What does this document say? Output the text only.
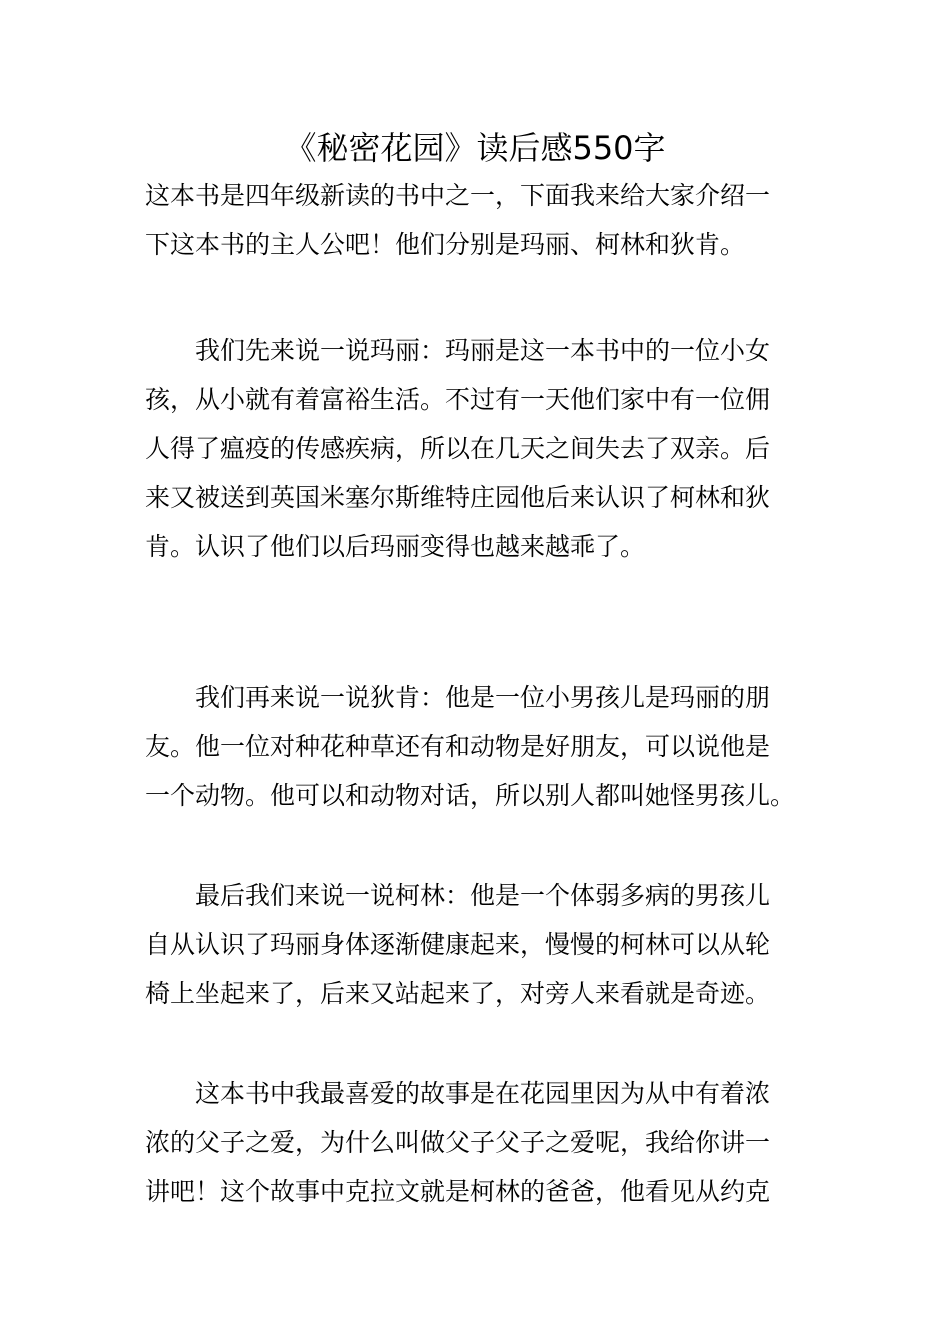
《秘密花园》读后感550字
这本书是四年级新读的书中之一，下面我来给大家介绍一
下这本书的主人公吧！他们分别是玛丽、柯林和狄肯。
　　我们先来说一说玛丽：玛丽是这一本书中的一位小女
孩，从小就有着富裕生活。不过有一天他们家中有一位佣
人得了瘟疫的传感疾病，所以在几天之间失去了双亲。后
来又被送到英国米塞尔斯维特庄园他后来认识了柯林和狄
肯。认识了他们以后玛丽变得也越来越乖了。
　　我们再来说一说狄肯：他是一位小男孩儿是玛丽的朋
友。他一位对种花种草还有和动物是好朋友，可以说他是
一个动物。他可以和动物对话，所以别人都叫她怪男孩儿。
　　最后我们来说一说柯林：他是一个体弱多病的男孩儿
自从认识了玛丽身体逐渐健康起来，慢慢的柯林可以从轮
椅上坐起来了，后来又站起来了，对旁人来看就是奇迹。
　　这本书中我最喜爱的故事是在花园里因为从中有着浓
浓的父子之爱，为什么叫做父子父子之爱呢，我给你讲一
讲吧！这个故事中克拉文就是柯林的爸爸，他看见从约克
